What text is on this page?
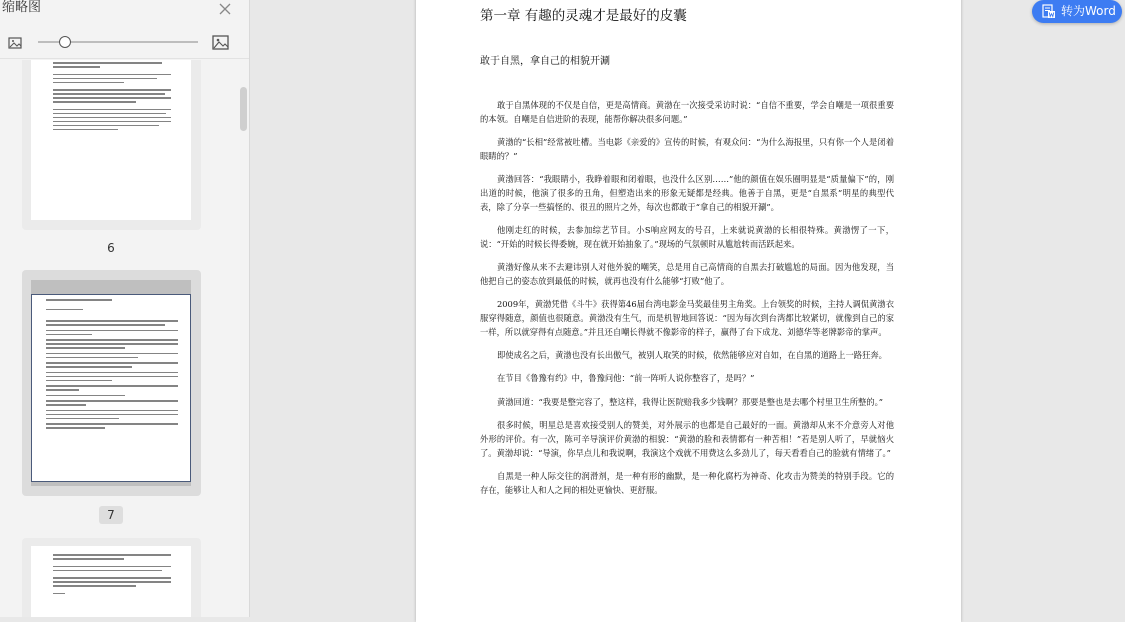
缩略图
6
7
第一章 有趣的灵魂才是最好的皮囊
敢于自黑，拿自己的相貌开涮

敢于自黑体现的不仅是自信，更是高情商。黄渤在一次接受采访时说：“自信不重要，学会自嘲是一项很重要的本领。自嘲是自信进阶的表现，能帮你解决很多问题。”

黄渤的“长相”经常被吐槽。当电影《亲爱的》宣传的时候，有观众问：“为什么海报里，只有你一个人是闭着眼睛的？”

黄渤回答：“我眼睛小，我睁着眼和闭着眼，也没什么区别……”他的颜值在娱乐圈明显是“质量偏下”的，刚出道的时候，他演了很多的丑角，但塑造出来的形象无疑都是经典。他善于自黑，更是“自黑系”明星的典型代表，除了分享一些搞怪的、很丑的照片之外，每次也都敢于“拿自己的相貌开涮”。

他刚走红的时候，去参加综艺节目。小S响应网友的号召，上来就说黄渤的长相很特殊。黄渤愣了一下，说：“开始的时候长得委婉，现在就开始抽象了。”现场的气氛顿时从尴尬转而活跃起来。

黄渤好像从来不去避讳别人对他外貌的嘲笑，总是用自己高情商的自黑去打破尴尬的局面。因为他发现，当他把自己的姿态放到最低的时候，就再也没有什么能够“打败”他了。

2009年，黄渤凭借《斗牛》获得第46届台湾电影金马奖最佳男主角奖。上台领奖的时候，主持人调侃黄渤衣服穿得随意，颜值也很随意。黄渤没有生气，而是机智地回答说：“因为每次到台湾都比较紧切，就像到自己的家一样，所以就穿得有点随意。”并且还自嘲长得就不像影帝的样子，赢得了台下成龙、刘德华等老牌影帝的掌声。

即使成名之后，黄渤也没有长出傲气，被别人取笑的时候，依然能够应对自如，在自黑的道路上一路狂奔。

在节目《鲁豫有约》中，鲁豫问他：“前一阵听人说你整容了，是吗？”

黄渤回道：“我要是整完容了，整这样，我得让医院赔我多少钱啊？那要是整也是去哪个村里卫生所整的。”

很多时候，明星总是喜欢接受别人的赞美，对外展示的也都是自己最好的一面。黄渤却从来不介意旁人对他外形的评价。有一次，陈可辛导演评价黄渤的相貌：“黄渤的脸和表情都有一种苦相！”若是别人听了，早就恼火了。黄渤却说：“导演，你早点儿和我说啊，我演这个戏就不用费这么多劲儿了，每天看看自己的脸就有情绪了。”

自黑是一种人际交往的润滑剂，是一种有形的幽默，是一种化腐朽为神奇、化攻击为赞美的特别手段。它的存在，能够让人和人之间的相处更愉快、更舒服。

转为Word
